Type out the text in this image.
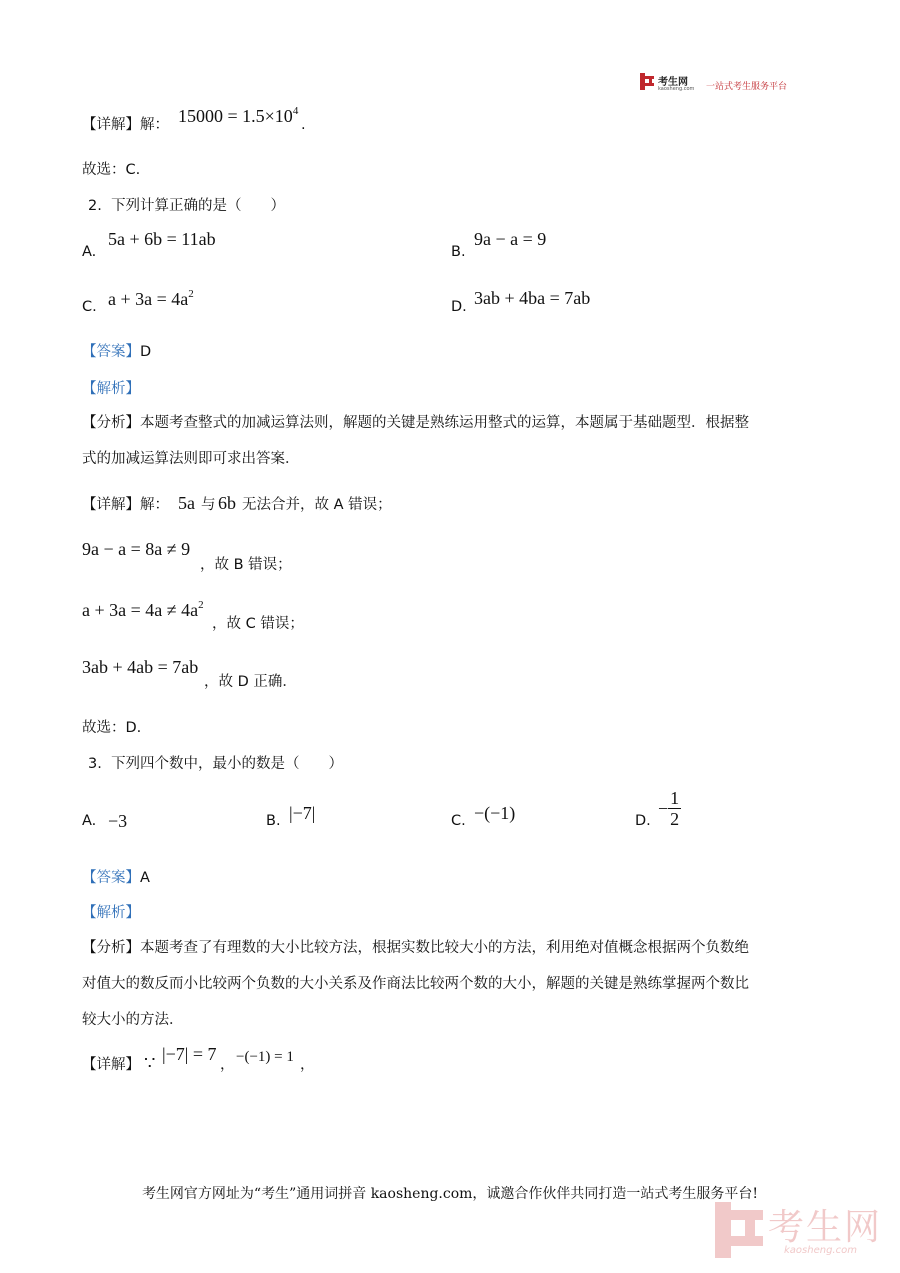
考生网
kaosheng.com 一站式考生服务平台
【详解】解： $15000 = 1.5\times 10^4$
.
故选：C.
2. 下列计算正确的是（　　）
A.
5a + 6b = 11ab
B.
9a − a = 9
C. $a + 3a = 4a^2$
D. 3ab + 4ba = 7ab
【答案】D
【解析】
【分析】本题考查整式的加减运算法则，解题的关键是熟练运用整式的运算，本题属于基础题型．根据整
式的加减运算法则即可求出答案．
【详解】解： 5a 与 6b 无法合并，故 A 错误；
9a − a = 8a ≠ 9
，故 B 错误；
$a + 3a = 4a \ne 4a^2$
，故 C 错误；
3ab + 4ab = 7ab
，故 D 正确．
故选：D.
3. 下列四个数中，最小的数是（　　）
A. −3	B. |−7|	C. −(−1)	D.
− $\frac{1}{2}$
【答案】A
【解析】
【分析】本题考查了有理数的大小比较方法，根据实数比较大小的方法，利用绝对值概念根据两个负数绝
对值大的数反而小比较两个负数的大小关系及作商法比较两个数的大小，解题的关键是熟练掌握两个数比
较大小的方法．
【详解】 ∵ |−7| = 7
， −(−1) = 1 ，
考生网官方网址为“考生”通用词拼音 kaosheng.com，诚邀合作伙伴共同打造一站式考生服务平台!
考生网
kaosheng.com
